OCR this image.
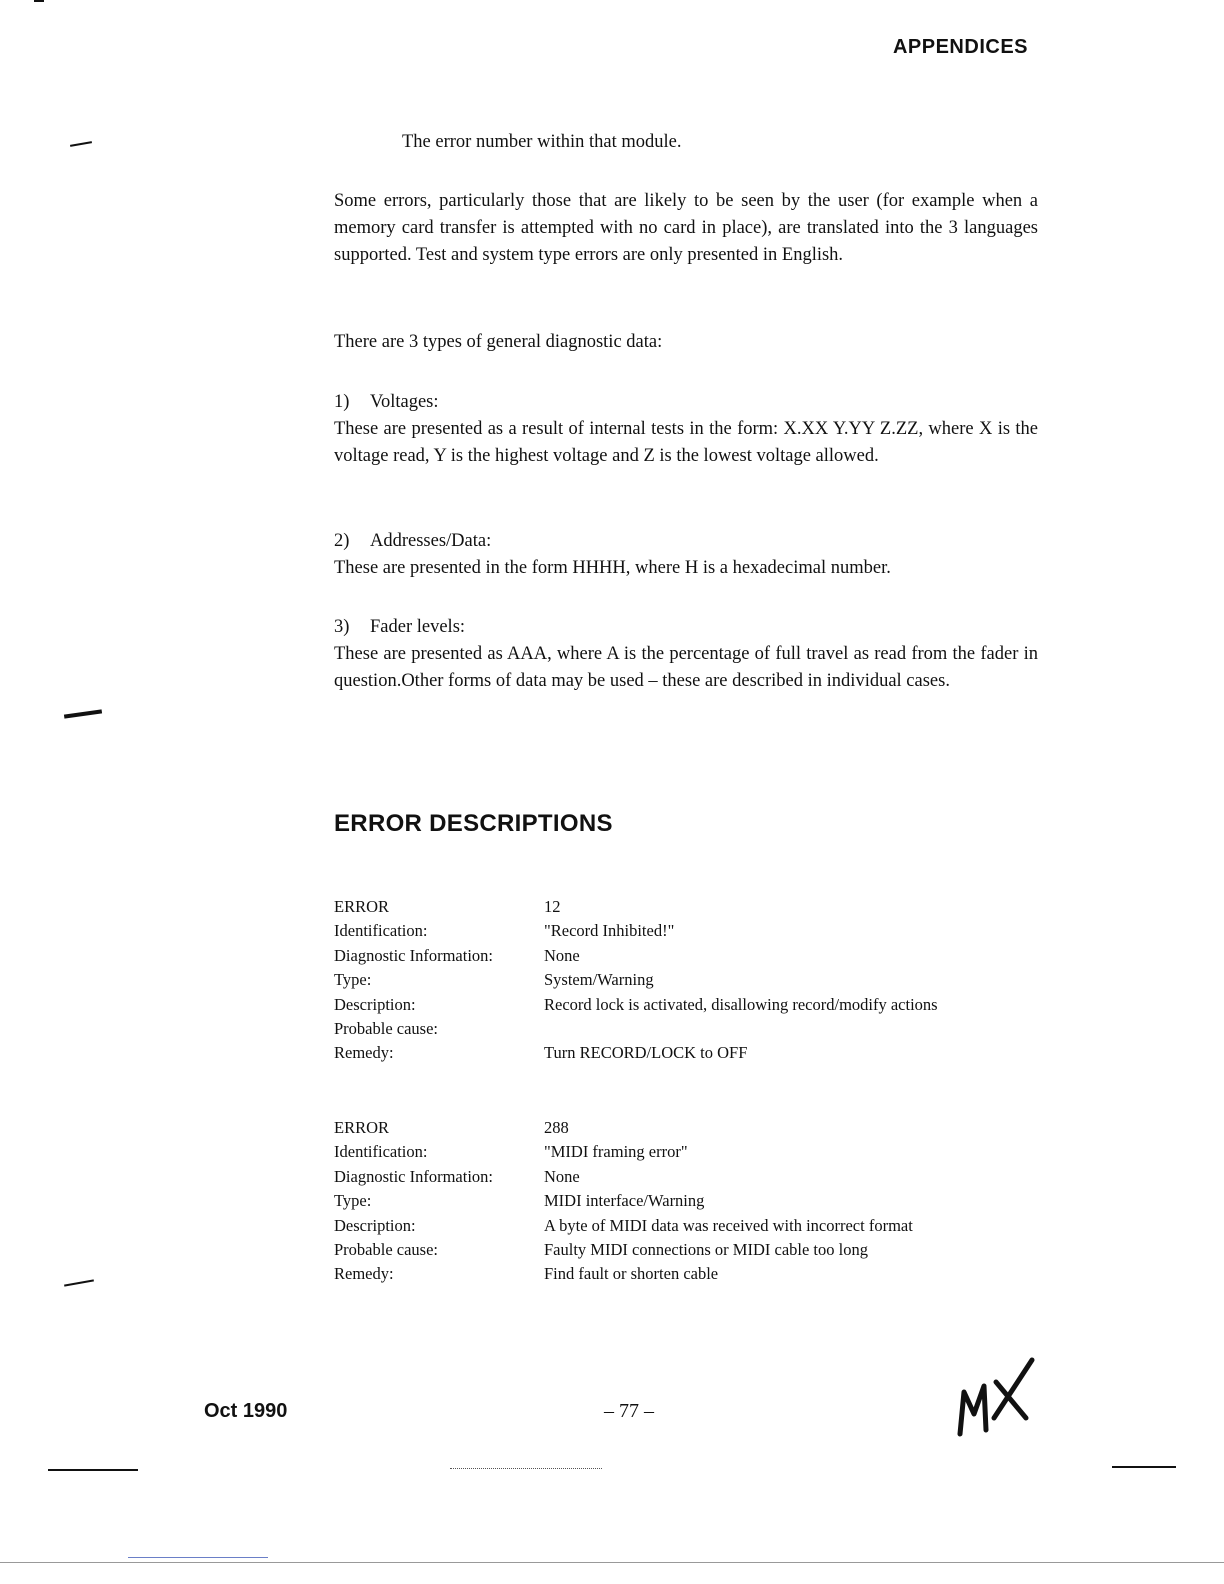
APPENDICES
The error number within that module.

Some errors, particularly those that are likely to be seen by the user (for example when a memory card transfer is attempted with no card in place), are translated into the 3 languages supported. Test and system type errors are only presented in English.

There are 3 types of general diagnostic data:

1) Voltages:

These are presented as a result of internal tests in the form: X.XX Y.YY Z.ZZ, where X is the voltage read, Y is the highest voltage and Z is the lowest voltage allowed.

2) Addresses/Data:

These are presented in the form HHHH, where H is a hexadecimal number.

3) Fader levels:

These are presented as AAA, where A is the percentage of full travel as read from the fader in question.Other forms of data may be used – these are described in individual cases.

ERROR DESCRIPTIONS
ERROR	12
Identification:	"Record Inhibited!"
Diagnostic Information:	None
Type:	System/Warning
Description:	Record lock is activated, disallowing record/modify actions
Probable cause:	
Remedy:	Turn RECORD/LOCK to OFF
ERROR	288
Identification:	"MIDI framing error"
Diagnostic Information:	None
Type:	MIDI interface/Warning
Description:	A byte of MIDI data was received with incorrect format
Probable cause:	Faulty MIDI connections or MIDI cable too long
Remedy:	Find fault or shorten cable
Oct 1990	– 77 –
